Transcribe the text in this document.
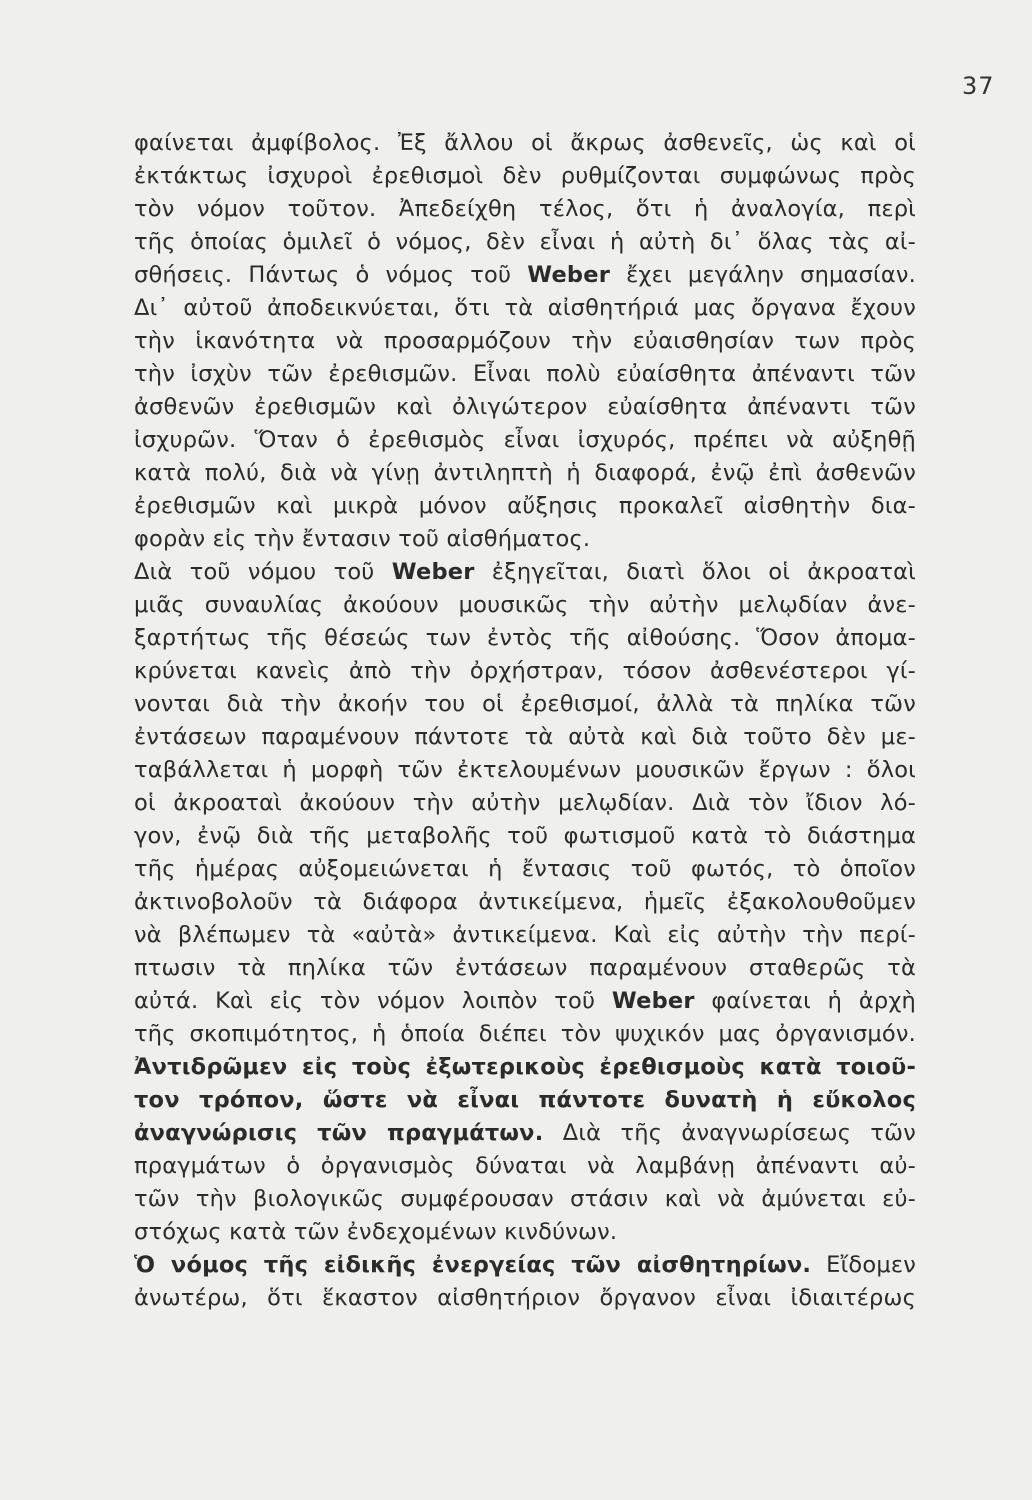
37
φαίνεται ἀμφίβολος. Ἐξ ἄλλου οἱ ἄκρως ἀσθενεῖς, ὡς καὶ οἱ
ἐκτάκτως ἰσχυροὶ ἐρεθισμοὶ δὲν ρυθμίζονται συμφώνως πρὸς
τὸν νόμον τοῦτον. Ἀπεδείχθη τέλος, ὅτι ἡ ἀναλογία, περὶ
τῆς ὁποίας ὁμιλεῖ ὁ νόμος, δὲν εἶναι ἡ αὐτὴ δι᾽ ὅλας τὰς αἰ-
σθήσεις. Πάντως ὁ νόμος τοῦ Weber ἔχει μεγάλην σημασίαν.
Δι᾽ αὐτοῦ ἀποδεικνύεται, ὅτι τὰ αἰσθητήριά μας ὄργανα ἔχουν
τὴν ἱκανότητα νὰ προσαρμόζουν τὴν εὐαισθησίαν των πρὸς
τὴν ἰσχὺν τῶν ἐρεθισμῶν. Εἶναι πολὺ εὐαίσθητα ἀπέναντι τῶν
ἀσθενῶν ἐρεθισμῶν καὶ ὀλιγώτερον εὐαίσθητα ἀπέναντι τῶν
ἰσχυρῶν. Ὅταν ὁ ἐρεθισμὸς εἶναι ἰσχυρός, πρέπει νὰ αὐξηθῇ
κατὰ πολύ, διὰ νὰ γίνῃ ἀντιληπτὴ ἡ διαφορά, ἐνῷ ἐπὶ ἀσθενῶν
ἐρεθισμῶν καὶ μικρὰ μόνον αὔξησις προκαλεῖ αἰσθητὴν δια-
φορὰν εἰς τὴν ἔντασιν τοῦ αἰσθήματος.
Διὰ τοῦ νόμου τοῦ Weber ἐξηγεῖται, διατὶ ὅλοι οἱ ἀκροαταὶ
μιᾶς συναυλίας ἀκούουν μουσικῶς τὴν αὐτὴν μελῳδίαν ἀνε-
ξαρτήτως τῆς θέσεώς των ἐντὸς τῆς αἰθούσης. Ὅσον ἀπομα-
κρύνεται κανεὶς ἀπὸ τὴν ὀρχήστραν, τόσον ἀσθενέστεροι γί-
νονται διὰ τὴν ἀκοήν του οἱ ἐρεθισμοί, ἀλλὰ τὰ πηλίκα τῶν
ἐντάσεων παραμένουν πάντοτε τὰ αὐτὰ καὶ διὰ τοῦτο δὲν με-
ταβάλλεται ἡ μορφὴ τῶν ἐκτελουμένων μουσικῶν ἔργων : ὅλοι
οἱ ἀκροαταὶ ἀκούουν τὴν αὐτὴν μελῳδίαν. Διὰ τὸν ἴδιον λό-
γον, ἐνῷ διὰ τῆς μεταβολῆς τοῦ φωτισμοῦ κατὰ τὸ διάστημα
τῆς ἡμέρας αὐξομειώνεται ἡ ἔντασις τοῦ φωτός, τὸ ὁποῖον
ἀκτινοβολοῦν τὰ διάφορα ἀντικείμενα, ἡμεῖς ἐξακολουθοῦμεν
νὰ βλέπωμεν τὰ «αὐτὰ» ἀντικείμενα. Καὶ εἰς αὐτὴν τὴν περί-
πτωσιν τὰ πηλίκα τῶν ἐντάσεων παραμένουν σταθερῶς τὰ
αὐτά. Καὶ εἰς τὸν νόμον λοιπὸν τοῦ Weber φαίνεται ἡ ἀρχὴ
τῆς σκοπιμότητος, ἡ ὁποία διέπει τὸν ψυχικόν μας ὀργανισμόν.
Ἀντιδρῶμεν εἰς τοὺς ἐξωτερικοὺς ἐρεθισμοὺς κατὰ τοιοῦ-
τον τρόπον, ὥστε νὰ εἶναι πάντοτε δυνατὴ ἡ εὔκολος
ἀναγνώρισις τῶν πραγμάτων. Διὰ τῆς ἀναγνωρίσεως τῶν
πραγμάτων ὁ ὀργανισμὸς δύναται νὰ λαμβάνῃ ἀπέναντι αὐ-
τῶν τὴν βιολογικῶς συμφέρουσαν στάσιν καὶ νὰ ἀμύνεται εὐ-
στόχως κατὰ τῶν ἐνδεχομένων κινδύνων.
Ὁ νόμος τῆς εἰδικῆς ἐνεργείας τῶν αἰσθητηρίων. Εἴδομεν
ἀνωτέρω, ὅτι ἕκαστον αἰσθητήριον ὄργανον εἶναι ἰδιαιτέρως
